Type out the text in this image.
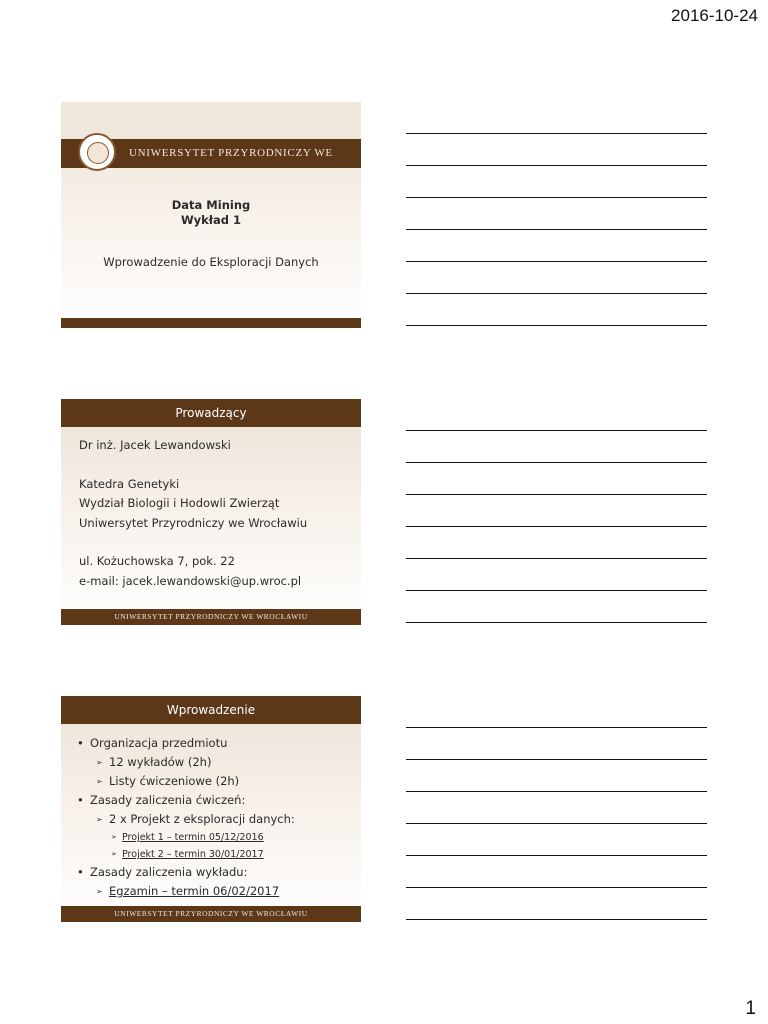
2016-10-24
UNIWERSYTET PRZYRODNICZY WE WROCŁAWIU
Data Mining
Wykład 1
Wprowadzenie do Eksploracji Danych
Prowadzący
Dr inż. Jacek Lewandowski
Katedra Genetyki
Wydział Biologii i Hodowli Zwierząt
Uniwersytet Przyrodniczy we Wrocławiu
ul. Kożuchowska 7, pok. 22
e-mail: jacek.lewandowski@up.wroc.pl
UNIWERSYTET PRZYRODNICZY WE WROCŁAWIU
Wprowadzenie
• Organizacja przedmiotu
➢ 12 wykładów (2h)
➢ Listy ćwiczeniowe (2h)
• Zasady zaliczenia ćwiczeń:
➢ 2 x Projekt z eksploracji danych:
➢ Projekt 1 – termin 05/12/2016
➢ Projekt 2 – termin 30/01/2017
• Zasady zaliczenia wykładu:
➢ Egzamin – termin 06/02/2017
UNIWERSYTET PRZYRODNICZY WE WROCŁAWIU
1
